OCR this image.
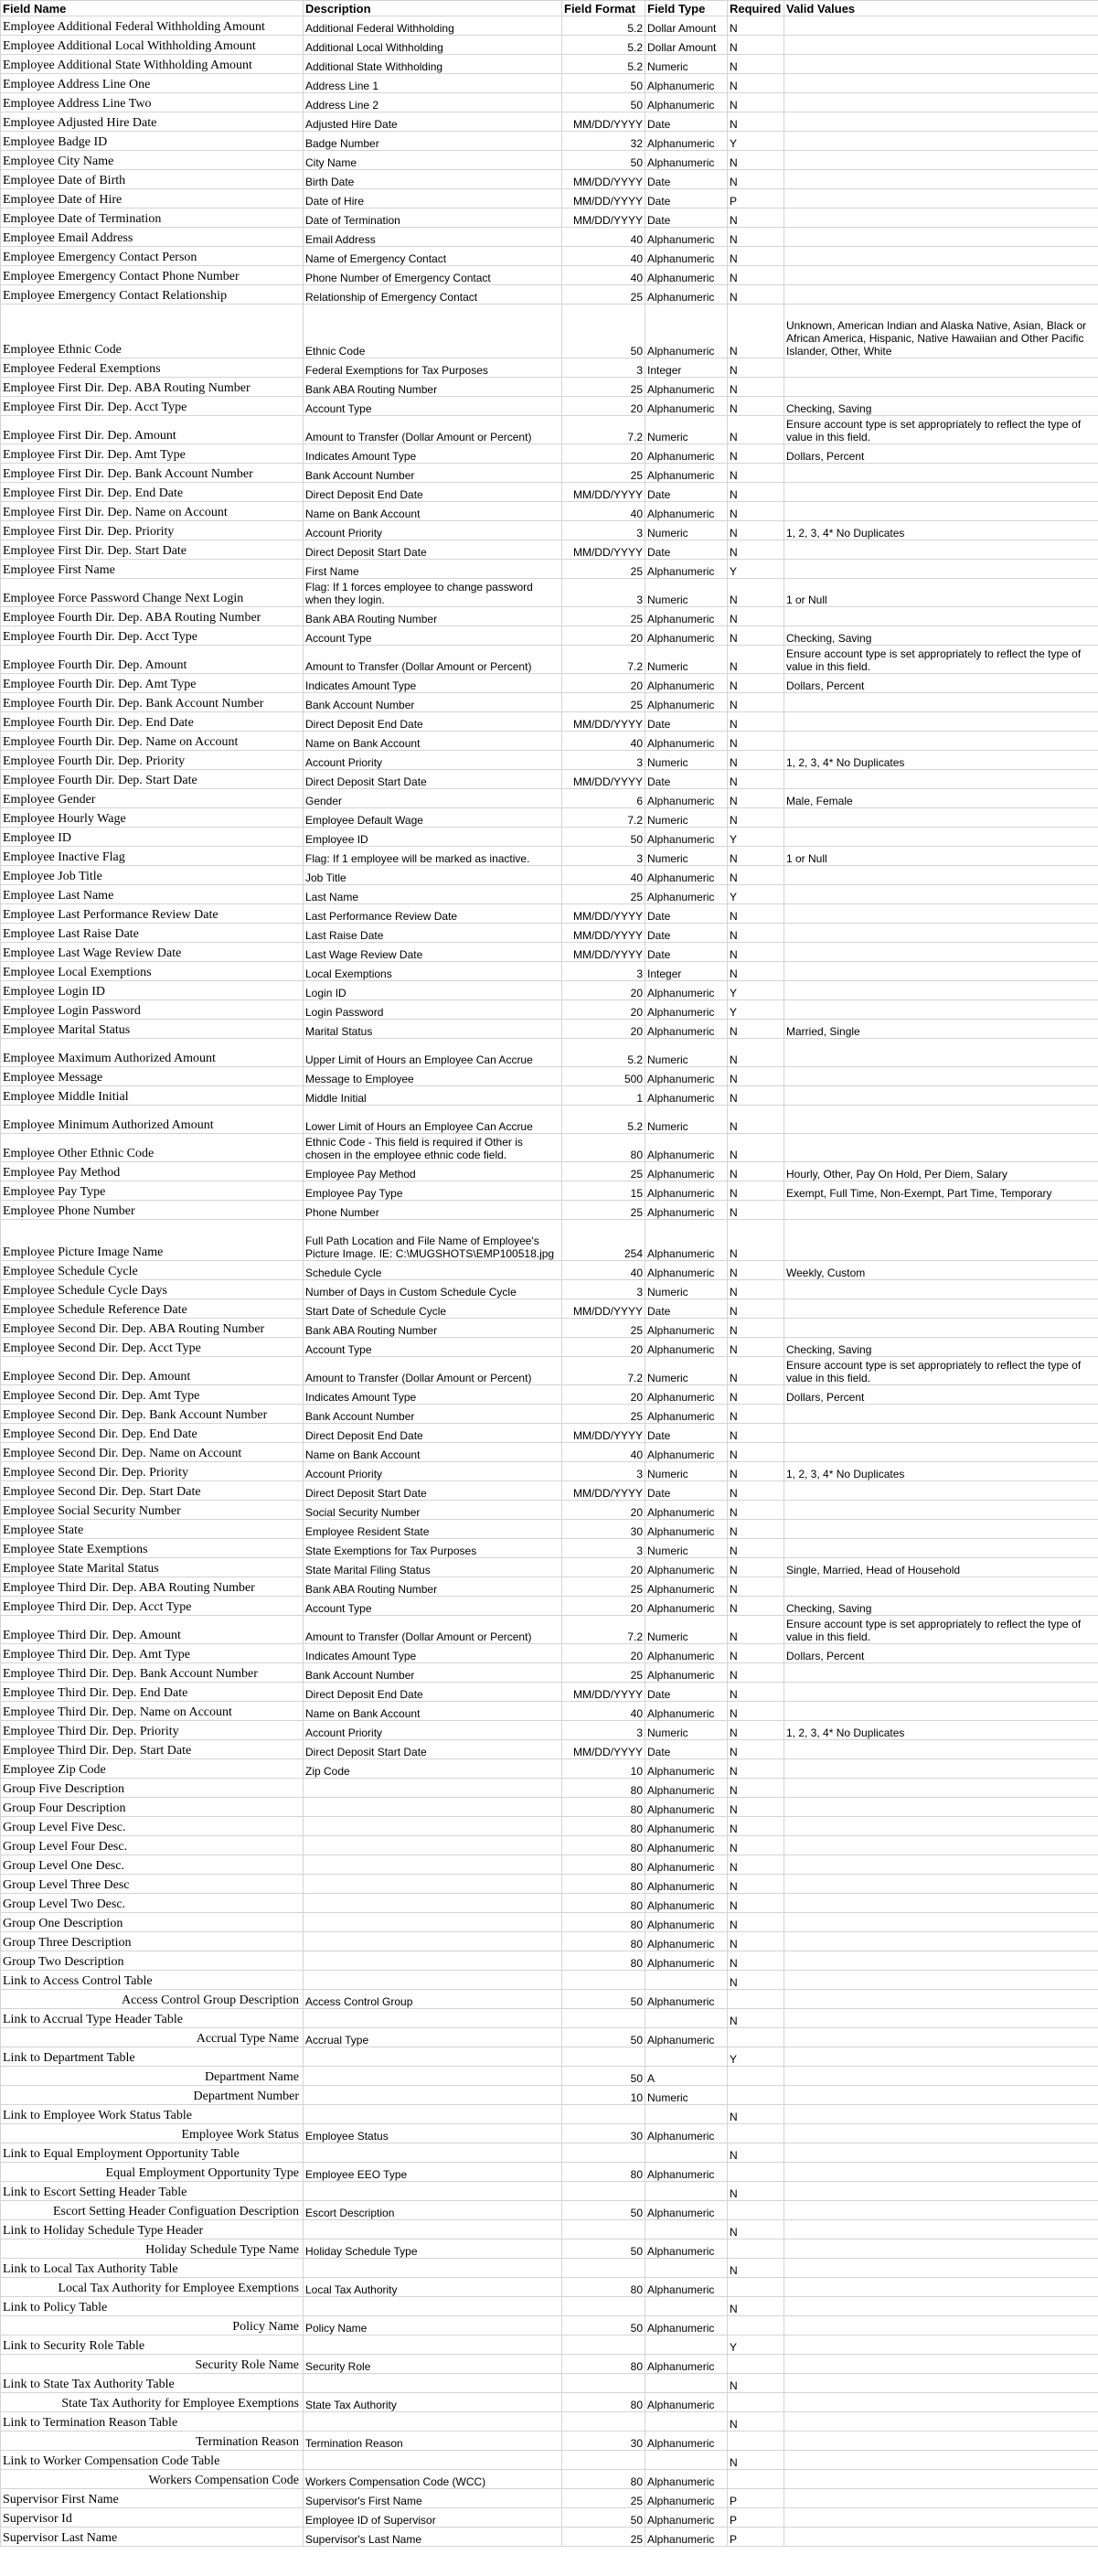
Field Name	Description	Field Format	Field Type	Required	Valid Values
Employee Additional Federal Withholding Amount	Additional Federal Withholding	5.2	Dollar Amount	N	
Employee Additional Local Withholding Amount	Additional Local Withholding	5.2	Dollar Amount	N	
Employee Additional State Withholding Amount	Additional State Withholding	5.2	Numeric	N	
Employee Address Line One	Address Line 1	50	Alphanumeric	N	
Employee Address Line Two	Address Line 2	50	Alphanumeric	N	
Employee Adjusted Hire Date	Adjusted Hire Date	MM/DD/YYYY	Date	N	
Employee Badge ID	Badge Number	32	Alphanumeric	Y	
Employee City Name	City Name	50	Alphanumeric	N	
Employee Date of Birth	Birth Date	MM/DD/YYYY	Date	N	
Employee Date of Hire	Date of Hire	MM/DD/YYYY	Date	P	
Employee Date of Termination	Date of Termination	MM/DD/YYYY	Date	N	
Employee Email Address	Email Address	40	Alphanumeric	N	
Employee Emergency Contact Person	Name of Emergency Contact	40	Alphanumeric	N	
Employee Emergency Contact Phone Number	Phone Number of Emergency Contact	40	Alphanumeric	N	
Employee Emergency Contact Relationship	Relationship of Emergency Contact	25	Alphanumeric	N	
Employee Ethnic Code	Ethnic Code	50	Alphanumeric	N	Unknown, American Indian and Alaska Native, Asian, Black or African America, Hispanic, Native Hawaiian and Other Pacific Islander, Other, White
Employee Federal Exemptions	Federal Exemptions for Tax Purposes	3	Integer	N	
Employee First Dir. Dep. ABA Routing Number	Bank ABA Routing Number	25	Alphanumeric	N	
Employee First Dir. Dep. Acct Type	Account Type	20	Alphanumeric	N	Checking, Saving
Employee First Dir. Dep. Amount	Amount to Transfer (Dollar Amount or Percent)	7.2	Numeric	N	Ensure account type is set appropriately to reflect the type of value in this field.
Employee First Dir. Dep. Amt Type	Indicates Amount Type	20	Alphanumeric	N	Dollars, Percent
Employee First Dir. Dep. Bank Account Number	Bank Account Number	25	Alphanumeric	N	
Employee First Dir. Dep. End Date	Direct Deposit End Date	MM/DD/YYYY	Date	N	
Employee First Dir. Dep. Name on Account	Name on Bank Account	40	Alphanumeric	N	
Employee First Dir. Dep. Priority	Account Priority	3	Numeric	N	1, 2, 3, 4* No Duplicates
Employee First Dir. Dep. Start Date	Direct Deposit Start Date	MM/DD/YYYY	Date	N	
Employee First Name	First Name	25	Alphanumeric	Y	
Employee Force Password Change Next Login	Flag: If 1 forces employee to change password when they login.	3	Numeric	N	1 or Null
Employee Fourth Dir. Dep. ABA Routing Number	Bank ABA Routing Number	25	Alphanumeric	N	
Employee Fourth Dir. Dep. Acct Type	Account Type	20	Alphanumeric	N	Checking, Saving
Employee Fourth Dir. Dep. Amount	Amount to Transfer (Dollar Amount or Percent)	7.2	Numeric	N	Ensure account type is set appropriately to reflect the type of value in this field.
Employee Fourth Dir. Dep. Amt Type	Indicates Amount Type	20	Alphanumeric	N	Dollars, Percent
Employee Fourth Dir. Dep. Bank Account Number	Bank Account Number	25	Alphanumeric	N	
Employee Fourth Dir. Dep. End Date	Direct Deposit End Date	MM/DD/YYYY	Date	N	
Employee Fourth Dir. Dep. Name on Account	Name on Bank Account	40	Alphanumeric	N	
Employee Fourth Dir. Dep. Priority	Account Priority	3	Numeric	N	1, 2, 3, 4* No Duplicates
Employee Fourth Dir. Dep. Start Date	Direct Deposit Start Date	MM/DD/YYYY	Date	N	
Employee Gender	Gender	6	Alphanumeric	N	Male, Female
Employee Hourly Wage	Employee Default Wage	7.2	Numeric	N	
Employee ID	Employee ID	50	Alphanumeric	Y	
Employee Inactive Flag	Flag: If 1 employee will be marked as inactive.	3	Numeric	N	1 or Null
Employee Job Title	Job Title	40	Alphanumeric	N	
Employee Last Name	Last Name	25	Alphanumeric	Y	
Employee Last Performance Review Date	Last Performance Review Date	MM/DD/YYYY	Date	N	
Employee Last Raise Date	Last Raise Date	MM/DD/YYYY	Date	N	
Employee Last Wage Review Date	Last Wage Review Date	MM/DD/YYYY	Date	N	
Employee Local Exemptions	Local Exemptions	3	Integer	N	
Employee Login ID	Login ID	20	Alphanumeric	Y	
Employee Login Password	Login Password	20	Alphanumeric	Y	
Employee Marital Status	Marital Status	20	Alphanumeric	N	Married, Single
Employee Maximum Authorized Amount	Upper Limit of Hours an Employee Can Accrue	5.2	Numeric	N	
Employee Message	Message to Employee	500	Alphanumeric	N	
Employee Middle Initial	Middle Initial	1	Alphanumeric	N	
Employee Minimum Authorized Amount	Lower Limit of Hours an Employee Can Accrue	5.2	Numeric	N	
Employee Other Ethnic Code	Ethnic Code - This field is required if Other is chosen in the employee ethnic code field.	80	Alphanumeric	N	
Employee Pay Method	Employee Pay Method	25	Alphanumeric	N	Hourly, Other, Pay On Hold, Per Diem, Salary
Employee Pay Type	Employee Pay Type	15	Alphanumeric	N	Exempt, Full Time, Non-Exempt, Part Time, Temporary
Employee Phone Number	Phone Number	25	Alphanumeric	N	
Employee Picture Image Name	Full Path Location and File Name of Employee's Picture Image. IE: C:\MUGSHOTS\EMP100518.jpg	254	Alphanumeric	N	
Employee Schedule Cycle	Schedule Cycle	40	Alphanumeric	N	Weekly, Custom
Employee Schedule Cycle Days	Number of Days in Custom Schedule Cycle	3	Numeric	N	
Employee Schedule Reference Date	Start Date of Schedule Cycle	MM/DD/YYYY	Date	N	
Employee Second Dir. Dep. ABA Routing Number	Bank ABA Routing Number	25	Alphanumeric	N	
Employee Second Dir. Dep. Acct Type	Account Type	20	Alphanumeric	N	Checking, Saving
Employee Second Dir. Dep. Amount	Amount to Transfer (Dollar Amount or Percent)	7.2	Numeric	N	Ensure account type is set appropriately to reflect the type of value in this field.
Employee Second Dir. Dep. Amt Type	Indicates Amount Type	20	Alphanumeric	N	Dollars, Percent
Employee Second Dir. Dep. Bank Account Number	Bank Account Number	25	Alphanumeric	N	
Employee Second Dir. Dep. End Date	Direct Deposit End Date	MM/DD/YYYY	Date	N	
Employee Second Dir. Dep. Name on Account	Name on Bank Account	40	Alphanumeric	N	
Employee Second Dir. Dep. Priority	Account Priority	3	Numeric	N	1, 2, 3, 4* No Duplicates
Employee Second Dir. Dep. Start Date	Direct Deposit Start Date	MM/DD/YYYY	Date	N	
Employee Social Security Number	Social Security Number	20	Alphanumeric	N	
Employee State	Employee Resident State	30	Alphanumeric	N	
Employee State Exemptions	State Exemptions for Tax Purposes	3	Numeric	N	
Employee State Marital Status	State Marital Filing Status	20	Alphanumeric	N	Single, Married, Head of Household
Employee Third Dir. Dep. ABA Routing Number	Bank ABA Routing Number	25	Alphanumeric	N	
Employee Third Dir. Dep. Acct Type	Account Type	20	Alphanumeric	N	Checking, Saving
Employee Third Dir. Dep. Amount	Amount to Transfer (Dollar Amount or Percent)	7.2	Numeric	N	Ensure account type is set appropriately to reflect the type of value in this field.
Employee Third Dir. Dep. Amt Type	Indicates Amount Type	20	Alphanumeric	N	Dollars, Percent
Employee Third Dir. Dep. Bank Account Number	Bank Account Number	25	Alphanumeric	N	
Employee Third Dir. Dep. End Date	Direct Deposit End Date	MM/DD/YYYY	Date	N	
Employee Third Dir. Dep. Name on Account	Name on Bank Account	40	Alphanumeric	N	
Employee Third Dir. Dep. Priority	Account Priority	3	Numeric	N	1, 2, 3, 4* No Duplicates
Employee Third Dir. Dep. Start Date	Direct Deposit Start Date	MM/DD/YYYY	Date	N	
Employee Zip Code	Zip Code	10	Alphanumeric	N	
Group Five Description		80	Alphanumeric	N	
Group Four Description		80	Alphanumeric	N	
Group Level Five Desc.		80	Alphanumeric	N	
Group Level Four Desc.		80	Alphanumeric	N	
Group Level One Desc.		80	Alphanumeric	N	
Group Level Three Desc		80	Alphanumeric	N	
Group Level Two Desc.		80	Alphanumeric	N	
Group One Description		80	Alphanumeric	N	
Group Three Description		80	Alphanumeric	N	
Group Two Description		80	Alphanumeric	N	
Link to Access Control Table				N	
Access Control Group Description	Access Control Group	50	Alphanumeric		
Link to Accrual Type Header Table				N	
Accrual Type Name	Accrual Type	50	Alphanumeric		
Link to Department Table				Y	
Department Name		50	A		
Department Number		10	Numeric		
Link to Employee Work Status Table				N	
Employee Work Status	Employee Status	30	Alphanumeric		
Link to Equal Employment Opportunity Table				N	
Equal Employment Opportunity Type	Employee EEO Type	80	Alphanumeric		
Link to Escort Setting Header Table				N	
Escort Setting Header Configuation Description	Escort Description	50	Alphanumeric		
Link to Holiday Schedule Type Header				N	
Holiday Schedule Type Name	Holiday Schedule Type	50	Alphanumeric		
Link to Local Tax Authority Table				N	
Local Tax Authority for Employee Exemptions	Local Tax Authority	80	Alphanumeric		
Link to Policy Table				N	
Policy Name	Policy Name	50	Alphanumeric		
Link to Security Role Table				Y	
Security Role Name	Security Role	80	Alphanumeric		
Link to State Tax Authority Table				N	
State Tax Authority for Employee Exemptions	State Tax Authority	80	Alphanumeric		
Link to Termination Reason Table				N	
Termination Reason	Termination Reason	30	Alphanumeric		
Link to Worker Compensation Code Table				N	
Workers Compensation Code	Workers Compensation Code (WCC)	80	Alphanumeric		
Supervisor First Name	Supervisor's First Name	25	Alphanumeric	P	
Supervisor Id	Employee ID of Supervisor	50	Alphanumeric	P	
Supervisor Last Name	Supervisor's Last Name	25	Alphanumeric	P	
